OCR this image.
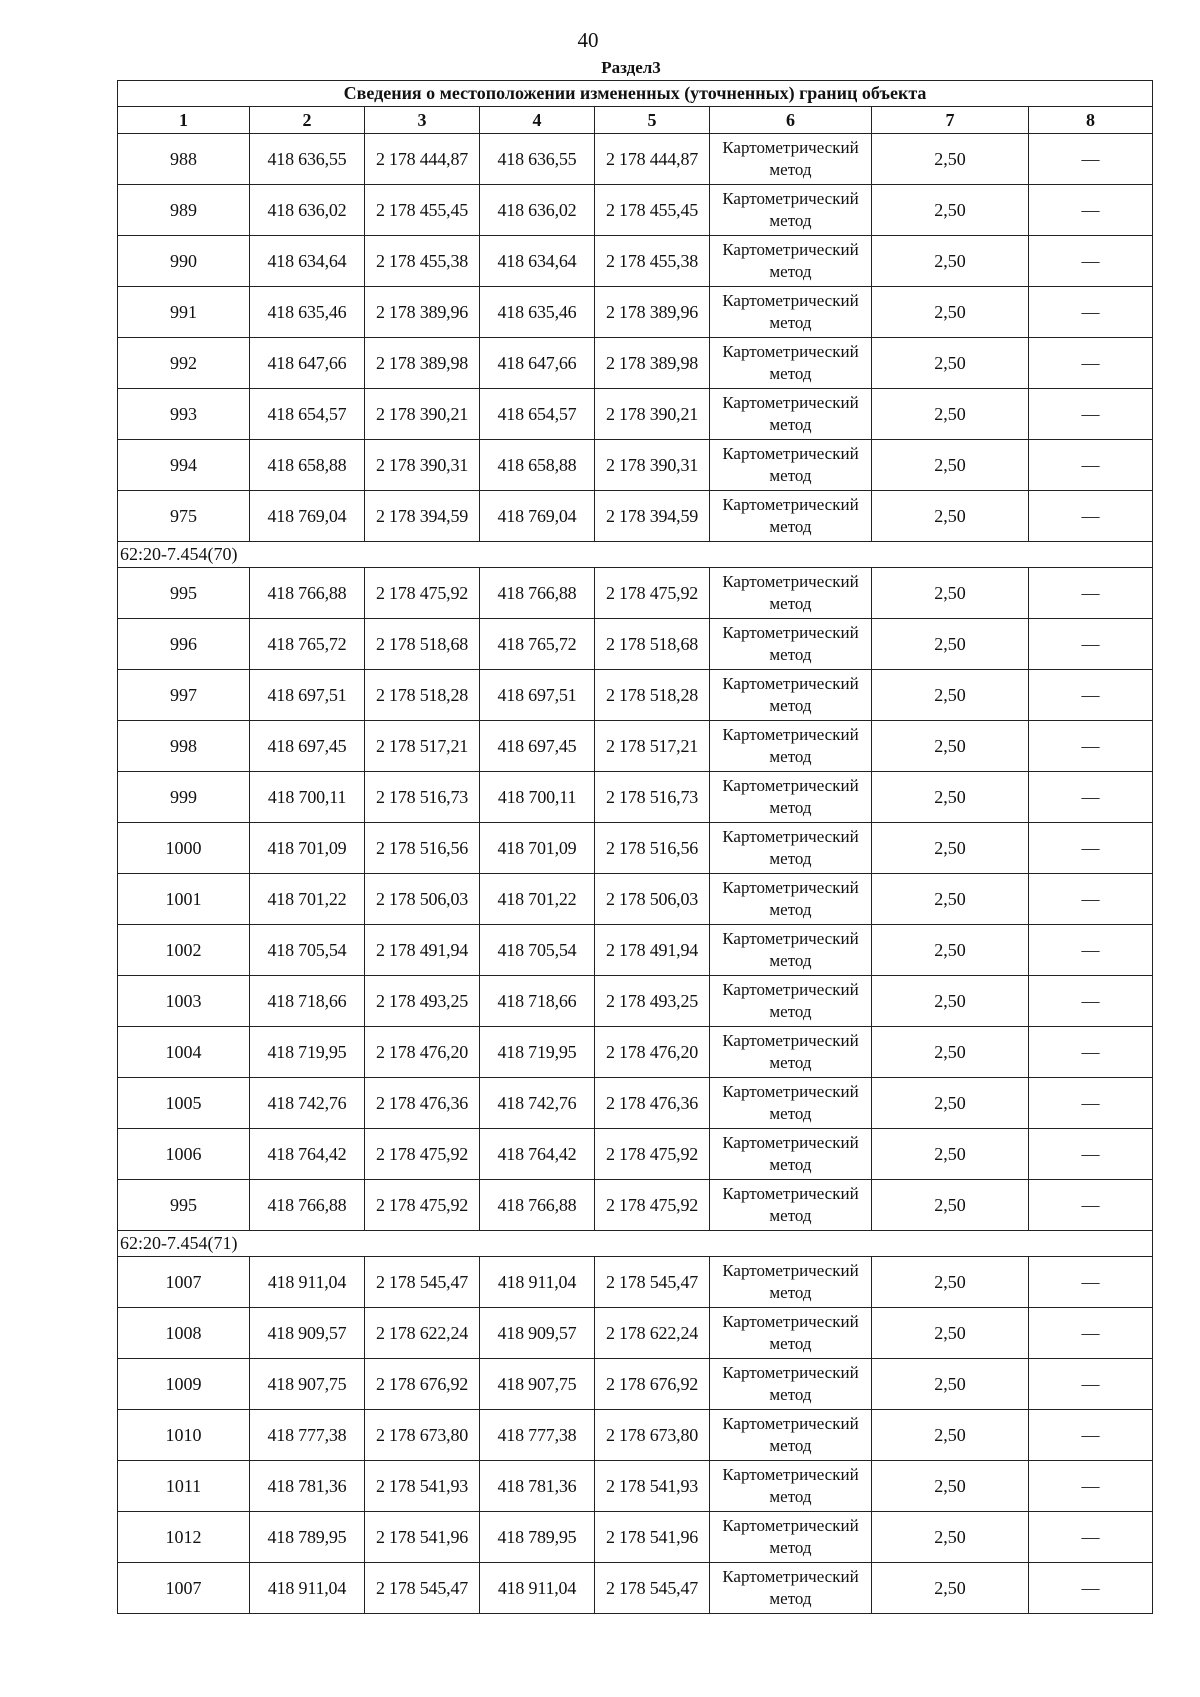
40
Раздел3
Сведения о местоположении измененных (уточненных) границ объекта							
1	2	3	4	5	6	7	8
988	418 636,55	2 178 444,87	418 636,55	2 178 444,87	Картометрический метод	2,50	—
989	418 636,02	2 178 455,45	418 636,02	2 178 455,45	Картометрический метод	2,50	—
990	418 634,64	2 178 455,38	418 634,64	2 178 455,38	Картометрический метод	2,50	—
991	418 635,46	2 178 389,96	418 635,46	2 178 389,96	Картометрический метод	2,50	—
992	418 647,66	2 178 389,98	418 647,66	2 178 389,98	Картометрический метод	2,50	—
993	418 654,57	2 178 390,21	418 654,57	2 178 390,21	Картометрический метод	2,50	—
994	418 658,88	2 178 390,31	418 658,88	2 178 390,31	Картометрический метод	2,50	—
975	418 769,04	2 178 394,59	418 769,04	2 178 394,59	Картометрический метод	2,50	—
62:20-7.454(70)							
995	418 766,88	2 178 475,92	418 766,88	2 178 475,92	Картометрический метод	2,50	—
996	418 765,72	2 178 518,68	418 765,72	2 178 518,68	Картометрический метод	2,50	—
997	418 697,51	2 178 518,28	418 697,51	2 178 518,28	Картометрический метод	2,50	—
998	418 697,45	2 178 517,21	418 697,45	2 178 517,21	Картометрический метод	2,50	—
999	418 700,11	2 178 516,73	418 700,11	2 178 516,73	Картометрический метод	2,50	—
1000	418 701,09	2 178 516,56	418 701,09	2 178 516,56	Картометрический метод	2,50	—
1001	418 701,22	2 178 506,03	418 701,22	2 178 506,03	Картометрический метод	2,50	—
1002	418 705,54	2 178 491,94	418 705,54	2 178 491,94	Картометрический метод	2,50	—
1003	418 718,66	2 178 493,25	418 718,66	2 178 493,25	Картометрический метод	2,50	—
1004	418 719,95	2 178 476,20	418 719,95	2 178 476,20	Картометрический метод	2,50	—
1005	418 742,76	2 178 476,36	418 742,76	2 178 476,36	Картометрический метод	2,50	—
1006	418 764,42	2 178 475,92	418 764,42	2 178 475,92	Картометрический метод	2,50	—
995	418 766,88	2 178 475,92	418 766,88	2 178 475,92	Картометрический метод	2,50	—
62:20-7.454(71)							
1007	418 911,04	2 178 545,47	418 911,04	2 178 545,47	Картометрический метод	2,50	—
1008	418 909,57	2 178 622,24	418 909,57	2 178 622,24	Картометрический метод	2,50	—
1009	418 907,75	2 178 676,92	418 907,75	2 178 676,92	Картометрический метод	2,50	—
1010	418 777,38	2 178 673,80	418 777,38	2 178 673,80	Картометрический метод	2,50	—
1011	418 781,36	2 178 541,93	418 781,36	2 178 541,93	Картометрический метод	2,50	—
1012	418 789,95	2 178 541,96	418 789,95	2 178 541,96	Картометрический метод	2,50	—
1007	418 911,04	2 178 545,47	418 911,04	2 178 545,47	Картометрический метод	2,50	—
